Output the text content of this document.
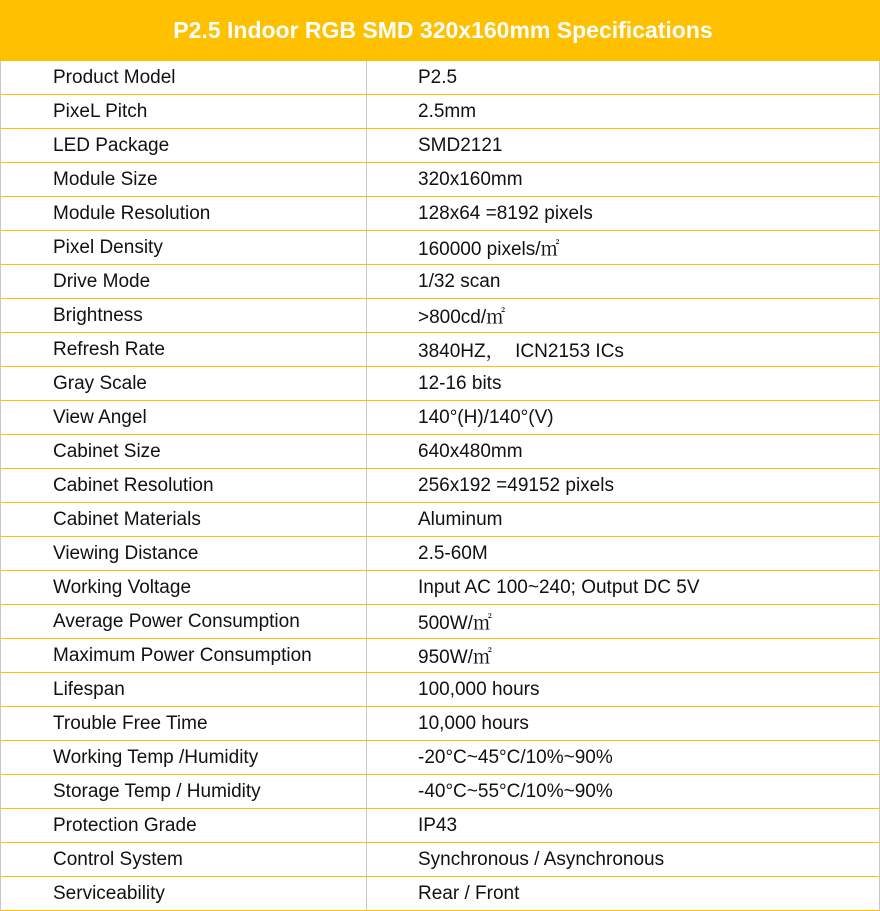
P2.5 Indoor RGB SMD 320x160mm Specifications
Product Model	P2.5
PixeL Pitch	2.5mm
LED Package	SMD2121
Module Size	320x160mm
Module Resolution	128x64 =8192 pixels
Pixel Density	160000 pixels/㎡
Drive Mode	1/32 scan
Brightness	>800cd/㎡
Refresh Rate	3840HZ，  ICN2153 ICs
Gray Scale	12-16 bits
View Angel	140°(H)/140°(V)
Cabinet Size	640x480mm
Cabinet Resolution	256x192 =49152 pixels
Cabinet Materials	Aluminum
Viewing Distance	2.5-60M
Working Voltage	Input AC 100~240; Output DC 5V
Average Power Consumption	500W/㎡
Maximum Power Consumption	950W/㎡
Lifespan	100,000 hours
Trouble Free Time	10,000 hours
Working Temp /Humidity	-20°C~45°C/10%~90%
Storage Temp / Humidity	-40°C~55°C/10%~90%
Protection Grade	IP43
Control System	Synchronous / Asynchronous
Serviceability	Rear / Front
